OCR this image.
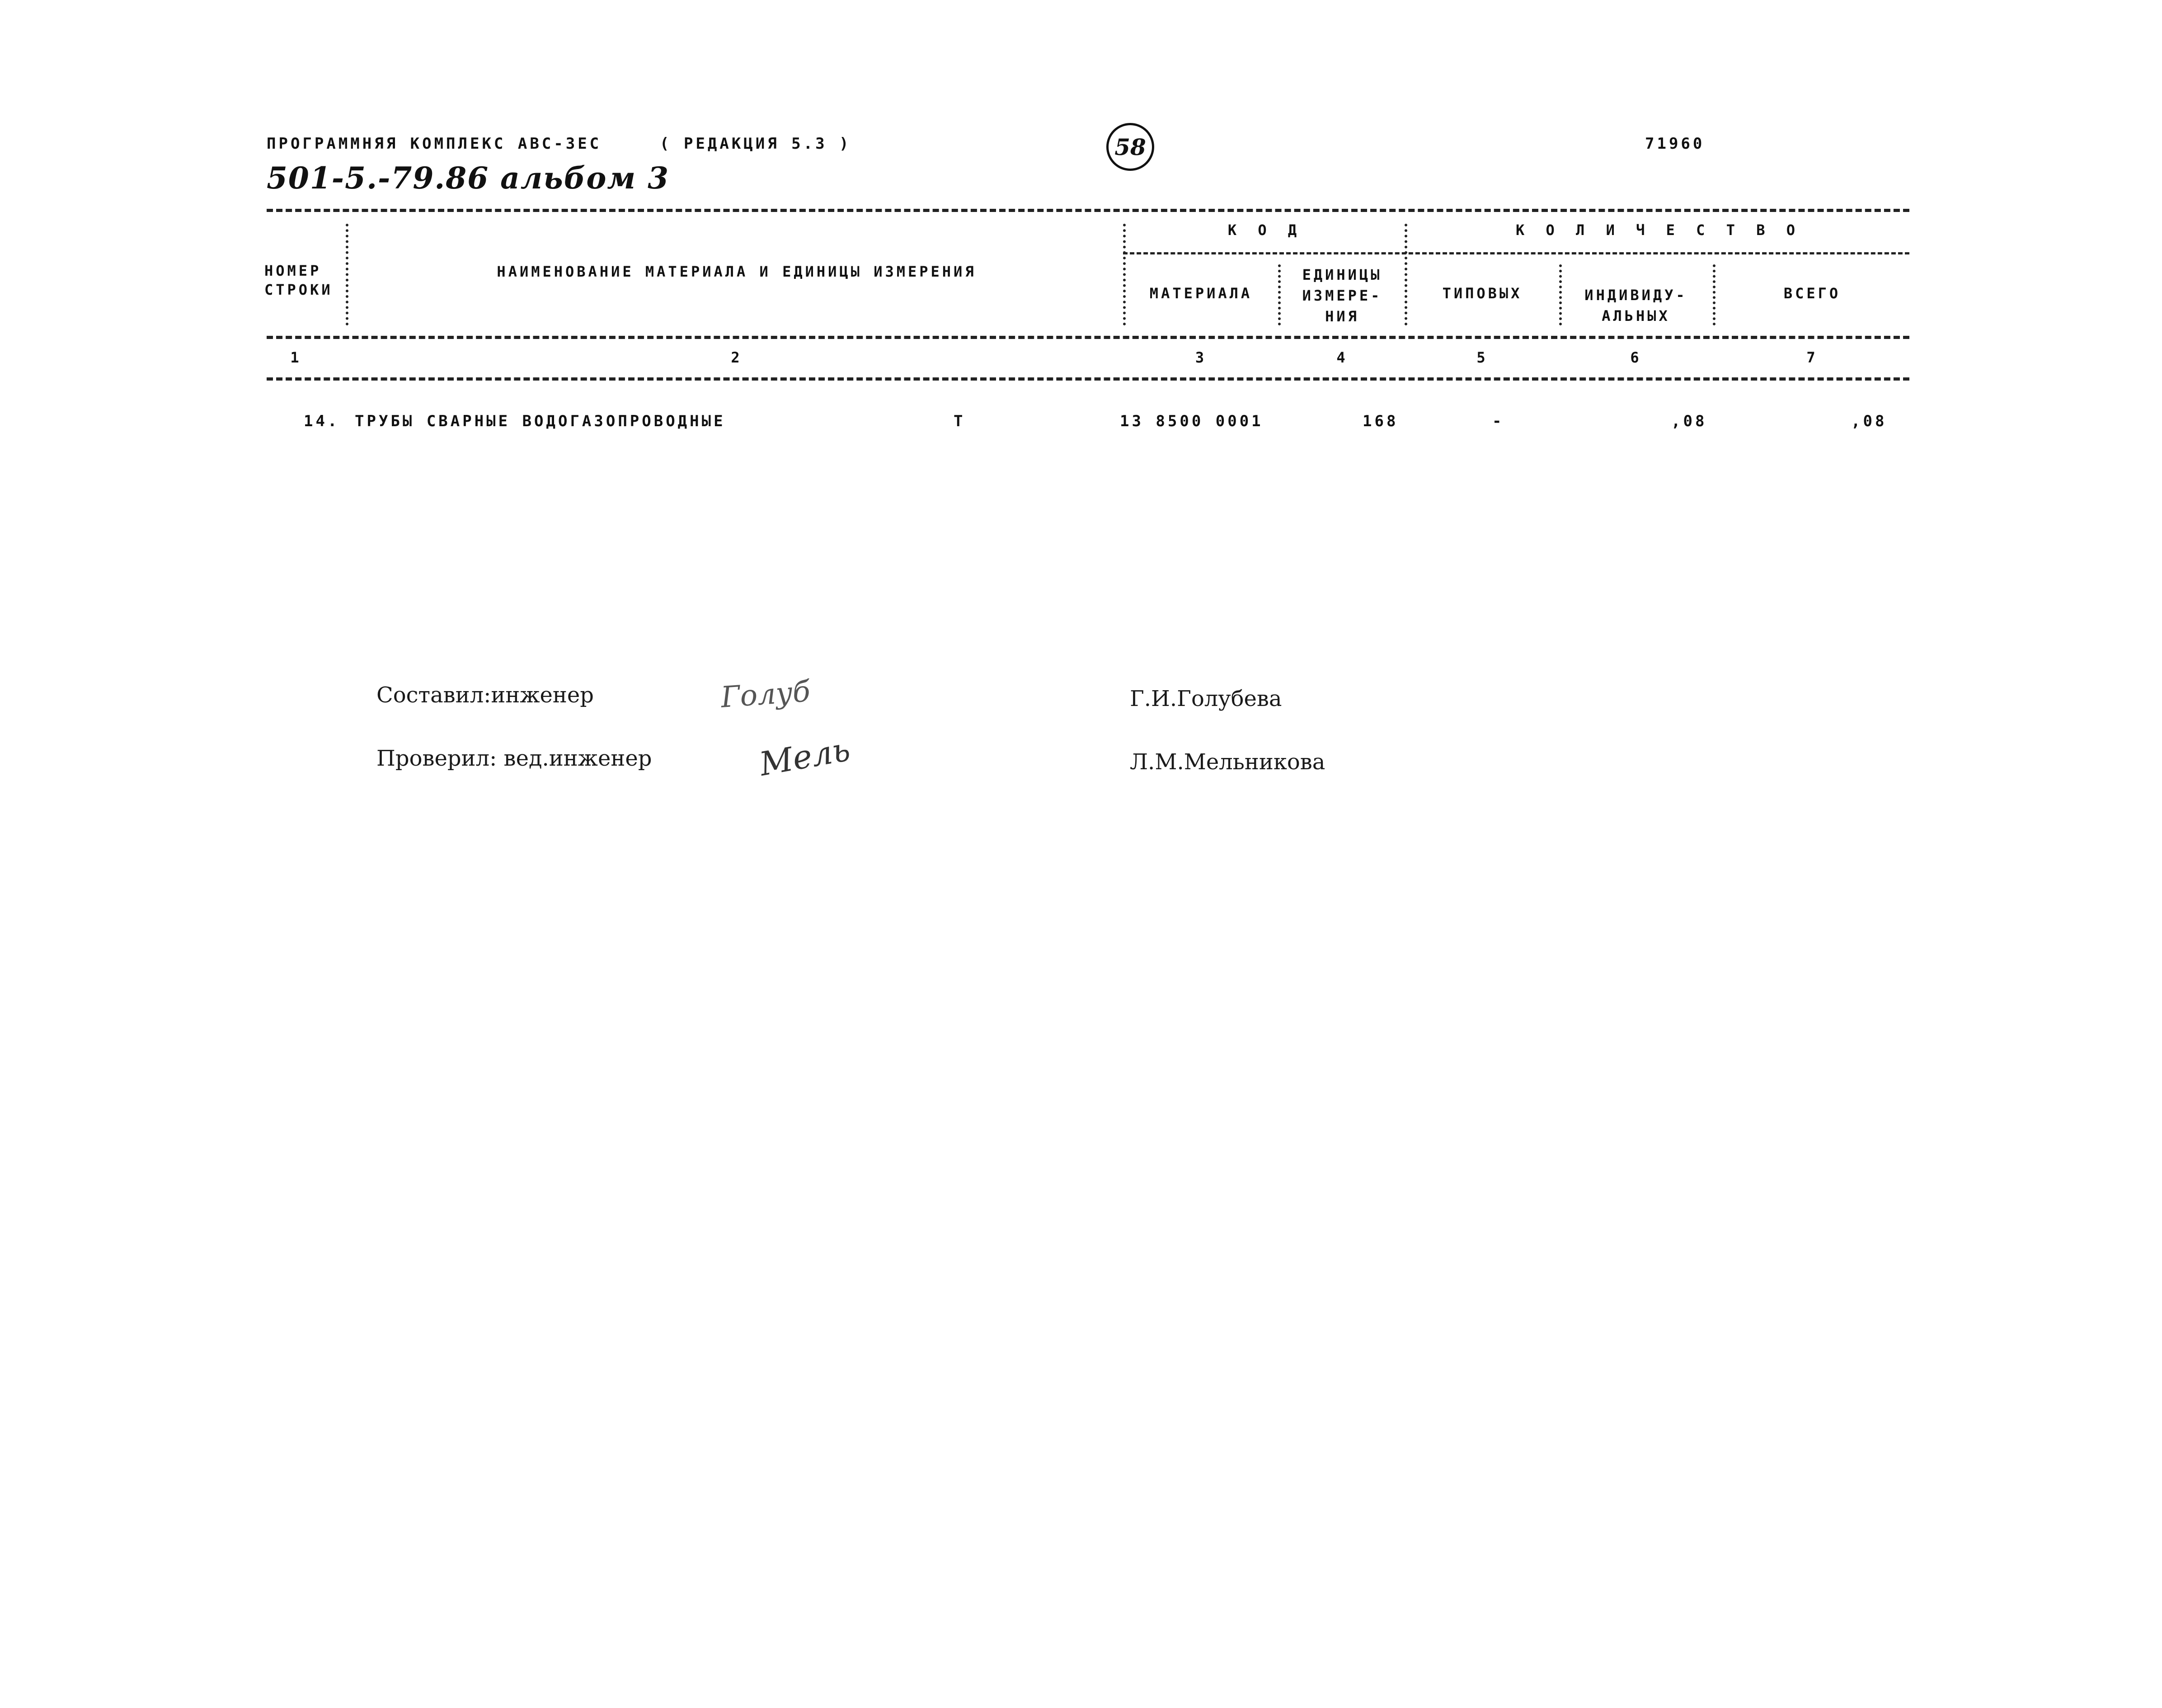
ПРОГРАММНЯЯ КОМПЛЕКС АВС-3ЕС	( РЕДАКЦИЯ 5.3 )	58	71960
501-5.-79.86 альбом 3
НОМЕР
СТРОКИ
НАИМЕНОВАНИЕ МАТЕРИАЛА И ЕДИНИЦЫ ИЗМЕРЕНИЯ
К О Д	К О Л И Ч Е С Т В О
МАТЕРИАЛА
ЕДИНИЦЫ
ИЗМЕРЕ-
НИЯ
ТИПОВЫХ	ИНДИВИДУ-
АЛЬНЫХ
ВСЕГО
1	2	3	4	5	6	7
14. ТРУБЫ СВАРНЫЕ ВОДОГАЗОПРОВОДНЫЕ	Т	13 8500 0001	168	-	,08	,08
Составил:инженер	Голуб	Г.И.Голубева
Проверил: вед.инженер	Мель	Л.М.Мельникова
